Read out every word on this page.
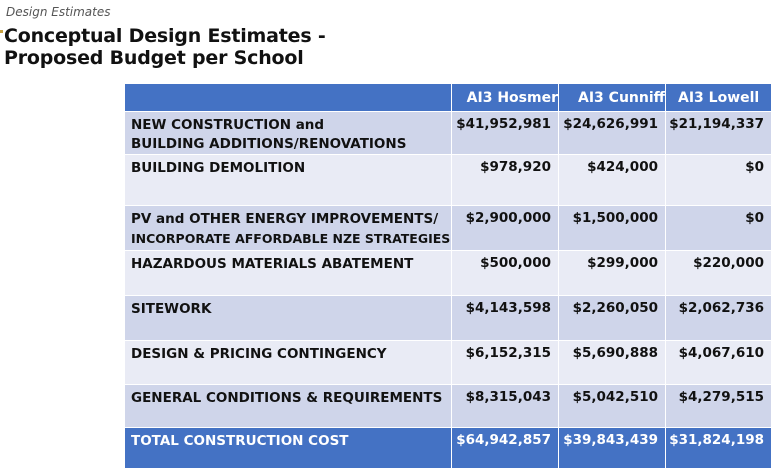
Design Estimates
Conceptual Design Estimates -
Proposed Budget per School
	AI3 Hosmer	AI3 Cunniff	AI3 Lowell

NEW CONSTRUCTION and
BUILDING ADDITIONS/RENOVATIONS	$41,952,981	$24,626,991	$21,194,337

BUILDING DEMOLITION	$978,920	$424,000	$0

PV and OTHER ENERGY IMPROVEMENTS/
INCORPORATE AFFORDABLE NZE STRATEGIES	$2,900,000	$1,500,000	$0

HAZARDOUS MATERIALS ABATEMENT	$500,000	$299,000	$220,000

SITEWORK	$4,143,598	$2,260,050	$2,062,736

DESIGN & PRICING CONTINGENCY	$6,152,315	$5,690,888	$4,067,610

GENERAL CONDITIONS & REQUIREMENTS	$8,315,043	$5,042,510	$4,279,515

TOTAL CONSTRUCTION COST	$64,942,857	$39,843,439	$31,824,198
